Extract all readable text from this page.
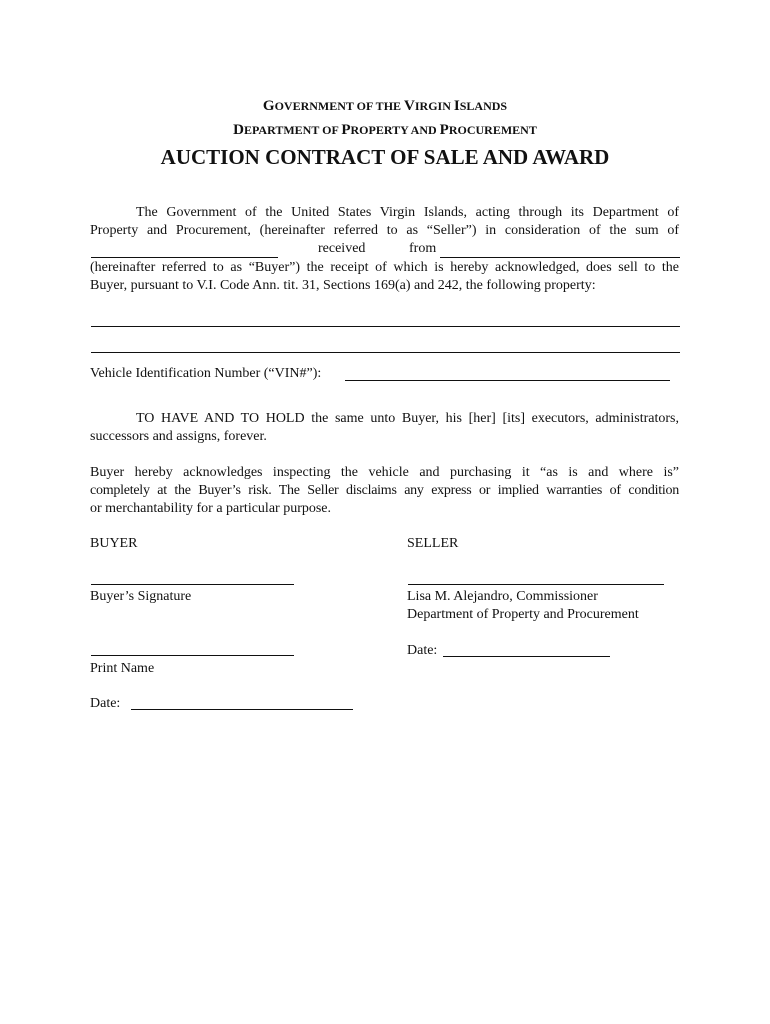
GOVERNMENT OF THE VIRGIN ISLANDS
DEPARTMENT OF PROPERTY AND PROCUREMENT
AUCTION CONTRACT OF SALE AND AWARD
The Government of the United States Virgin Islands, acting through its Department of
Property and Procurement, (hereinafter referred to as “Seller”) in consideration of the sum of
received	from
(hereinafter referred to as “Buyer”) the receipt of which is hereby acknowledged, does sell to the
Buyer, pursuant to V.I. Code Ann. tit. 31, Sections 169(a) and 242, the following property:
Vehicle Identification Number (“VIN#”):
TO HAVE AND TO HOLD the same unto Buyer, his [her] [its] executors, administrators,
successors and assigns, forever.
Buyer hereby acknowledges inspecting the vehicle and purchasing it “as is and where is”
completely at the Buyer’s risk. The Seller disclaims any express or implied warranties of condition
or merchantability for a particular purpose.
BUYER	SELLER
Buyer’s Signature
Print Name
Date:
Lisa M. Alejandro, Commissioner
Department of Property and Procurement
Date:
